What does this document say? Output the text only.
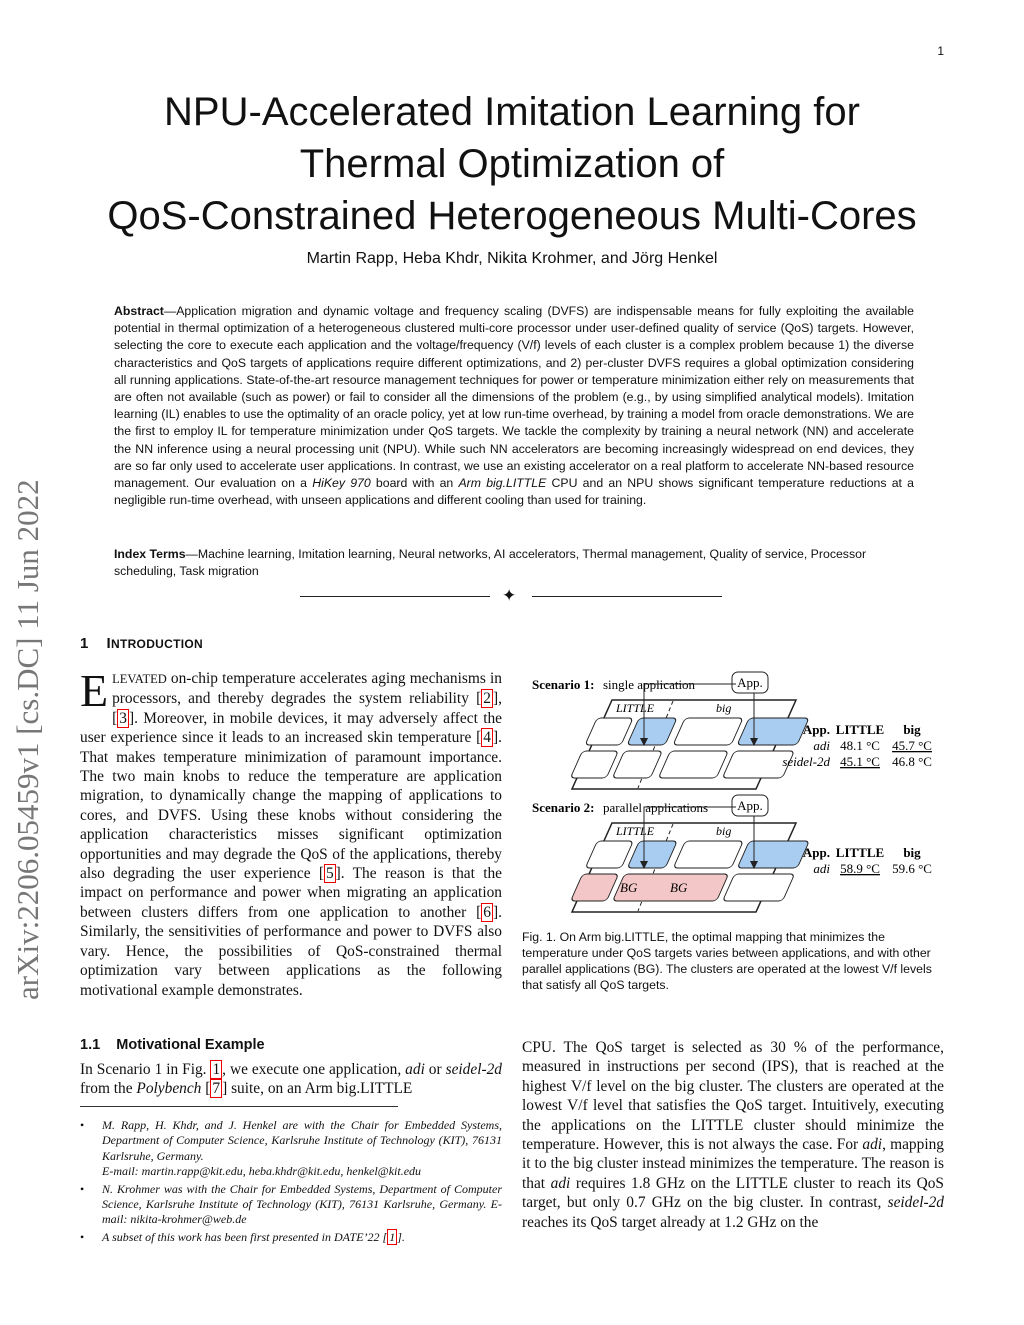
1
NPU-Accelerated Imitation Learning for
Thermal Optimization of
QoS-Constrained Heterogeneous Multi-Cores
Martin Rapp, Heba Khdr, Nikita Krohmer, and Jörg Henkel
Abstract—Application migration and dynamic voltage and frequency scaling (DVFS) are indispensable means for fully exploiting the available potential in thermal optimization of a heterogeneous clustered multi-core processor under user-defined quality of service (QoS) targets. However, selecting the core to execute each application and the voltage/frequency (V/f) levels of each cluster is a complex problem because 1) the diverse characteristics and QoS targets of applications require different optimizations, and 2) per-cluster DVFS requires a global optimization considering all running applications. State-of-the-art resource management techniques for power or temperature minimization either rely on measurements that are often not available (such as power) or fail to consider all the dimensions of the problem (e.g., by using simplified analytical models). Imitation learning (IL) enables to use the optimality of an oracle policy, yet at low run-time overhead, by training a model from oracle demonstrations. We are the first to employ IL for temperature minimization under QoS targets. We tackle the complexity by training a neural network (NN) and accelerate the NN inference using a neural processing unit (NPU). While such NN accelerators are becoming increasingly widespread on end devices, they are so far only used to accelerate user applications. In contrast, we use an existing accelerator on a real platform to accelerate NN-based resource management. Our evaluation on a HiKey 970 board with an Arm big.LITTLE CPU and an NPU shows significant temperature reductions at a negligible run-time overhead, with unseen applications and different cooling than used for training.
Index Terms—Machine learning, Imitation learning, Neural networks, AI accelerators, Thermal management, Quality of service, Processor scheduling, Task migration
✦
arXiv:2206.05459v1 [cs.DC] 11 Jun 2022 1 INTRODUCTION
ELEVATED on-chip temperature accelerates aging mechanisms in processors, and thereby degrades the system reliability [ 2 ], [ 3 ]. Moreover, in mobile devices, it may adversely affect the user experience since it leads to an increased skin temperature [ 4 ]. That makes temperature minimization of paramount importance. The two main knobs to reduce the temperature are application migration, to dynamically change the mapping of applications to cores, and DVFS. Using these knobs without considering the application characteristics misses significant optimization opportunities and may degrade the QoS of the applications, thereby also degrading the user experience [ 5 ]. The reason is that the impact on performance and power when migrating an application between clusters differs from one application to another [ 6 ]. Similarly, the sensitivities of performance and power to DVFS also vary. Hence, the possibilities of QoS-constrained thermal optimization vary between applications as the following motivational example demonstrates.
1.1 Motivational Example
In Scenario 1 in Fig. 1 , we execute one application, adi or seidel-2d from the Polybench [ 7 ] suite, on an Arm big.LITTLE
• M. Rapp, H. Khdr, and J. Henkel are with the Chair for Embedded Systems, Department of Computer Science, Karlsruhe Institute of Technology (KIT), 76131 Karlsruhe, Germany.
E-mail: martin.rapp@kit.edu, heba.khdr@kit.edu, henkel@kit.edu
• N. Krohmer was with the Chair for Embedded Systems, Department of Computer Science, Karlsruhe Institute of Technology (KIT), 76131 Karlsruhe, Germany. E-mail: nikita-krohmer@web.de
• A subset of this work has been first presented in DATE’22 [ 1 ].
Scenario 1: single application	App.
LITTLE	big
App. LITTLE big
adi 48.1 °C 45.7 °C
seidel-2d 45.1 °C 46.8 °C
Scenario 2: parallel applications App.
LITTLE	big
BG	BG
App. LITTLE big
adi 58.9 °C 59.6 °C
Fig. 1. On Arm big.LITTLE, the optimal mapping that minimizes the temperature under QoS targets varies between applications, and with other parallel applications (BG). The clusters are operated at the lowest V/f levels that satisfy all QoS targets.
CPU. The QoS target is selected as 30 % of the performance, measured in instructions per second (IPS), that is reached at the highest V/f level on the big cluster. The clusters are operated at the lowest V/f level that satisfies the QoS target. Intuitively, executing the applications on the LITTLE cluster should minimize the temperature. However, this is not always the case. For adi, mapping it to the big cluster instead minimizes the temperature. The reason is that adi requires 1.8 GHz on the LITTLE cluster to reach its QoS target, but only 0.7 GHz on the big cluster. In contrast, seidel-2d reaches its QoS target already at 1.2 GHz on the
